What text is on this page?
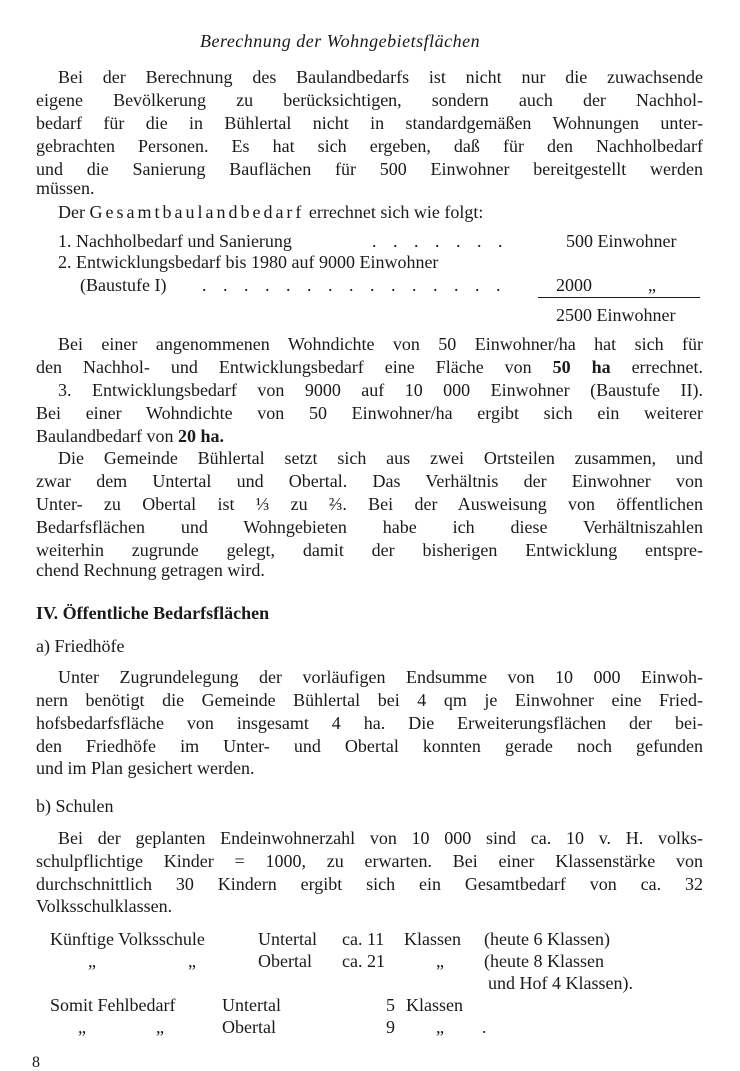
Berechnung der Wohngebietsflächen
Bei der Berechnung des Baulandbedarfs ist nicht nur die zuwachsende
eigene Bevölkerung zu berücksichtigen, sondern auch der Nachhol-
bedarf für die in Bühlertal nicht in standardgemäßen Wohnungen unter-
gebrachten Personen. Es hat sich ergeben, daß für den Nachholbedarf
und die Sanierung Bauflächen für 500 Einwohner bereitgestellt werden
müssen.
Der Gesamtbaulandbedarf errechnet sich wie folgt:
1. Nachholbedarf und Sanierung	. . . . . . .	500 Einwohner
2. Entwicklungsbedarf bis 1980 auf 9000 Einwohner
(Baustufe I) . . . . . . . . . . . . . . .	2000	„
2500 Einwohner
Bei einer angenommenen Wohndichte von 50 Einwohner/ha hat sich für
den Nachhol- und Entwicklungsbedarf eine Fläche von 50 ha errechnet.
3. Entwicklungsbedarf von 9000 auf 10 000 Einwohner (Baustufe II).
Bei einer Wohndichte von 50 Einwohner/ha ergibt sich ein weiterer
Baulandbedarf von 20 ha.
Die Gemeinde Bühlertal setzt sich aus zwei Ortsteilen zusammen, und
zwar dem Untertal und Obertal. Das Verhältnis der Einwohner von
Unter- zu Obertal ist ⅓ zu ⅔. Bei der Ausweisung von öffentlichen
Bedarfsflächen und Wohngebieten habe ich diese Verhältniszahlen
weiterhin zugrunde gelegt, damit der bisherigen Entwicklung entspre-
chend Rechnung getragen wird.
IV. Öffentliche Bedarfsflächen
a) Friedhöfe
Unter Zugrundelegung der vorläufigen Endsumme von 10 000 Einwoh-
nern benötigt die Gemeinde Bühlertal bei 4 qm je Einwohner eine Fried-
hofsbedarfsfläche von insgesamt 4 ha. Die Erweiterungsflächen der bei-
den Friedhöfe im Unter- und Obertal konnten gerade noch gefunden
und im Plan gesichert werden.
b) Schulen
Bei der geplanten Endeinwohnerzahl von 10 000 sind ca. 10 v. H. volks-
schulpflichtige Kinder = 1000, zu erwarten. Bei einer Klassenstärke von
durchschnittlich 30 Kindern ergibt sich ein Gesamtbedarf von ca. 32
Volksschulklassen.
Künftige Volksschule	Untertal ca. 11 Klassen (heute 6 Klassen)
„	„	Obertal ca. 21	„ (heute 8 Klassen
und Hof 4 Klassen).
Somit Fehlbedarf	Untertal	5 Klassen
„	„	Obertal	9 „ .
8
